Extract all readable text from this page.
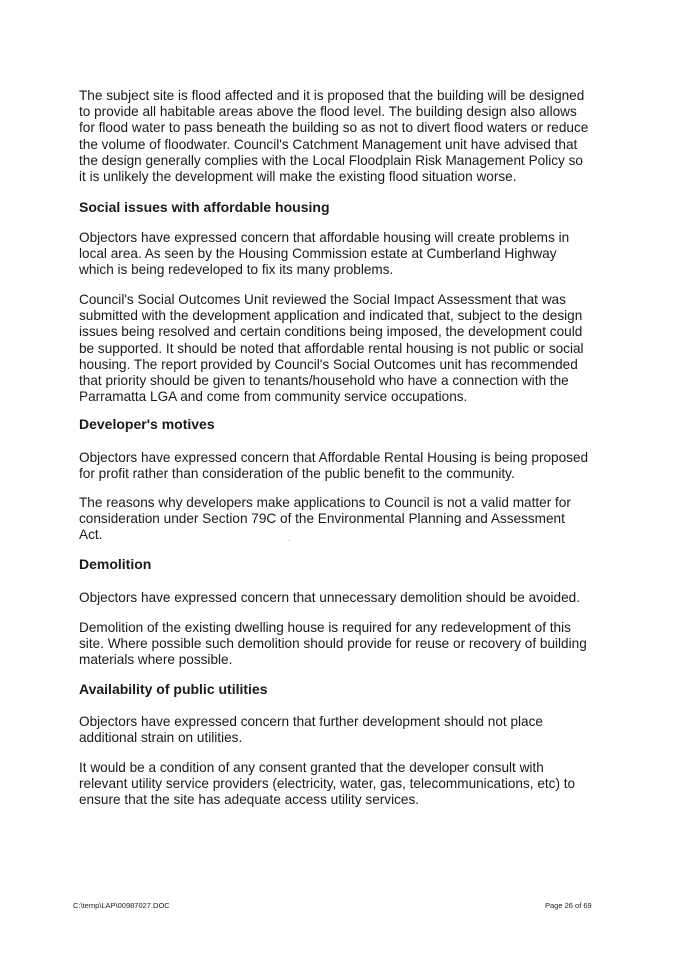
The subject site is flood affected and it is proposed that the building will be designed
to provide all habitable areas above the flood level. The building design also allows
for flood water to pass beneath the building so as not to divert flood waters or reduce
the volume of floodwater. Council's Catchment Management unit have advised that
the design generally complies with the Local Floodplain Risk Management Policy so
it is unlikely the development will make the existing flood situation worse.
Social issues with affordable housing
Objectors have expressed concern that affordable housing will create problems in
local area. As seen by the Housing Commission estate at Cumberland Highway
which is being redeveloped to fix its many problems.
Council's Social Outcomes Unit reviewed the Social Impact Assessment that was
submitted with the development application and indicated that, subject to the design
issues being resolved and certain conditions being imposed, the development could
be supported. It should be noted that affordable rental housing is not public or social
housing. The report provided by Council's Social Outcomes unit has recommended
that priority should be given to tenants/household who have a connection with the
Parramatta LGA and come from community service occupations.
Developer's motives
Objectors have expressed concern that Affordable Rental Housing is being proposed
for profit rather than consideration of the public benefit to the community.
The reasons why developers make applications to Council is not a valid matter for
consideration under Section 79C of the Environmental Planning and Assessment
Act.
Demolition
Objectors have expressed concern that unnecessary demolition should be avoided.
Demolition of the existing dwelling house is required for any redevelopment of this
site. Where possible such demolition should provide for reuse or recovery of building
materials where possible.
Availability of public utilities
Objectors have expressed concern that further development should not place
additional strain on utilities.
It would be a condition of any consent granted that the developer consult with
relevant utility service providers (electricity, water, gas, telecommunications, etc) to
ensure that the site has adequate access utility services.
C:\temp\LAP\00987027.DOC	Page 26 of 69
